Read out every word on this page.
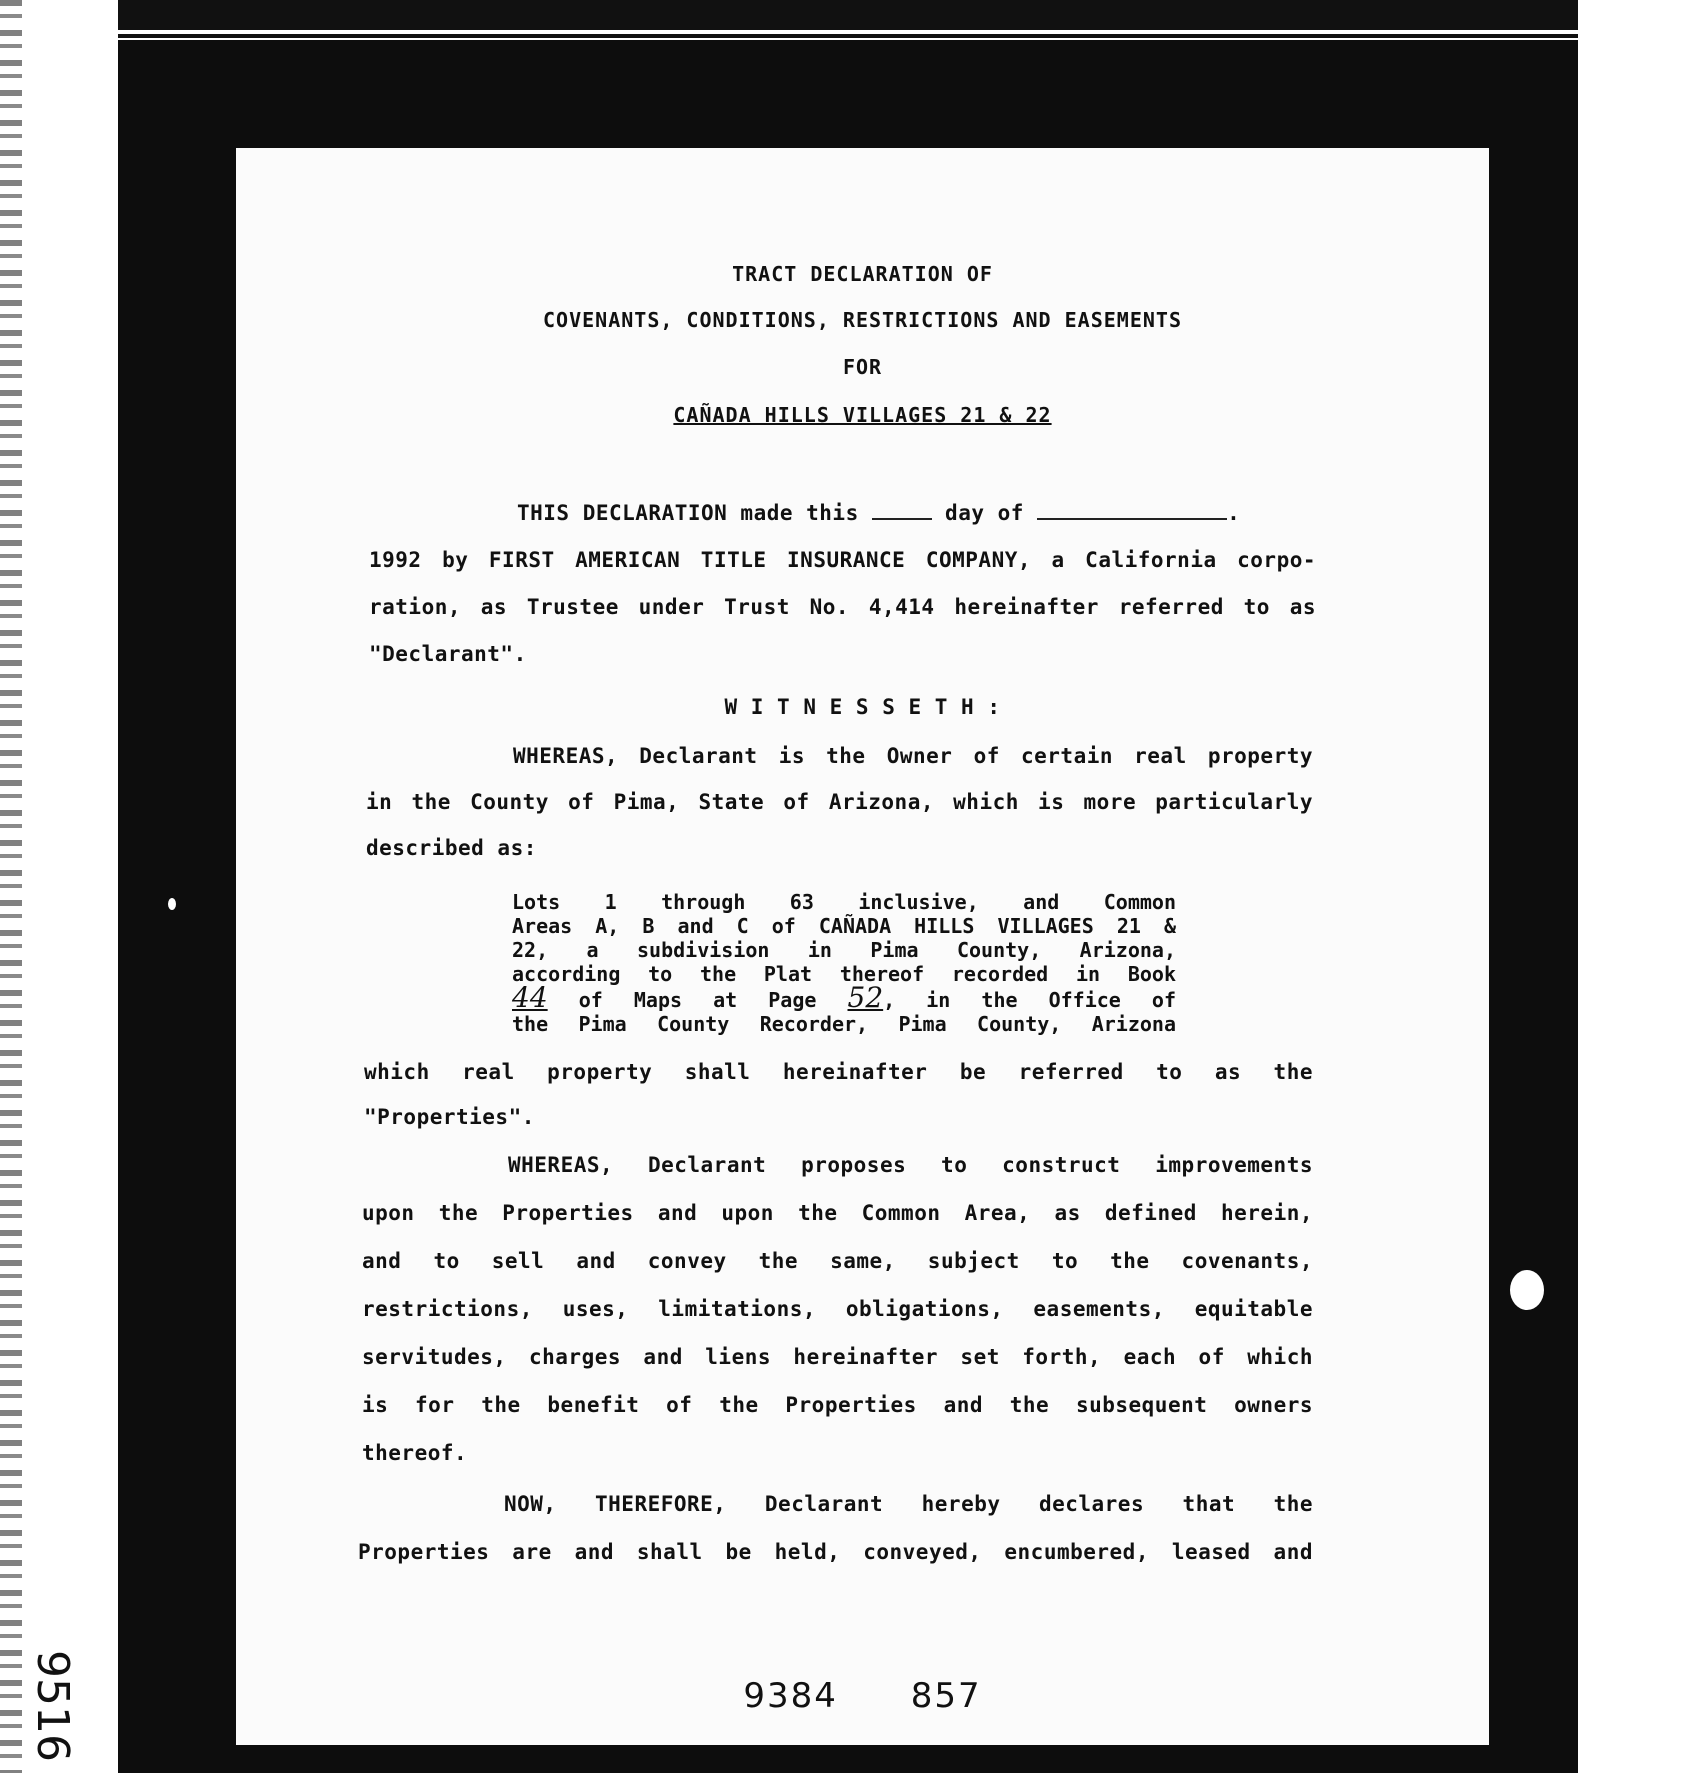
TRACT DECLARATION OF
COVENANTS, CONDITIONS, RESTRICTIONS AND EASEMENTS
FOR
CAÑADA HILLS VILLAGES 21 & 22
THIS DECLARATION made this	day of	.
1992 by FIRST AMERICAN TITLE INSURANCE COMPANY, a California corpo-
ration, as Trustee under Trust No. 4,414 hereinafter referred to as
"Declarant".
W I T N E S S E T H :
WHEREAS, Declarant is the Owner of certain real property
in the County of Pima, State of Arizona, which is more particularly
described as:
Lots 1 through 63 inclusive, and Common
Areas A, B and C of CAÑADA HILLS VILLAGES 21 &
22, a subdivision in Pima County, Arizona,
according to the Plat thereof recorded in Book
44 of Maps at Page 52, in the Office of
the Pima County Recorder, Pima County, Arizona
which real property shall hereinafter be referred to as the
"Properties".
WHEREAS, Declarant proposes to construct improvements
upon the Properties and upon the Common Area, as defined herein,
and to sell and convey the same, subject to the covenants,
restrictions, uses, limitations, obligations, easements, equitable
servitudes, charges and liens hereinafter set forth, each of which
is for the benefit of the Properties and the subsequent owners
thereof.
NOW, THEREFORE, Declarant hereby declares that the
Properties are and shall be held, conveyed, encumbered, leased and
9384 857
9516
